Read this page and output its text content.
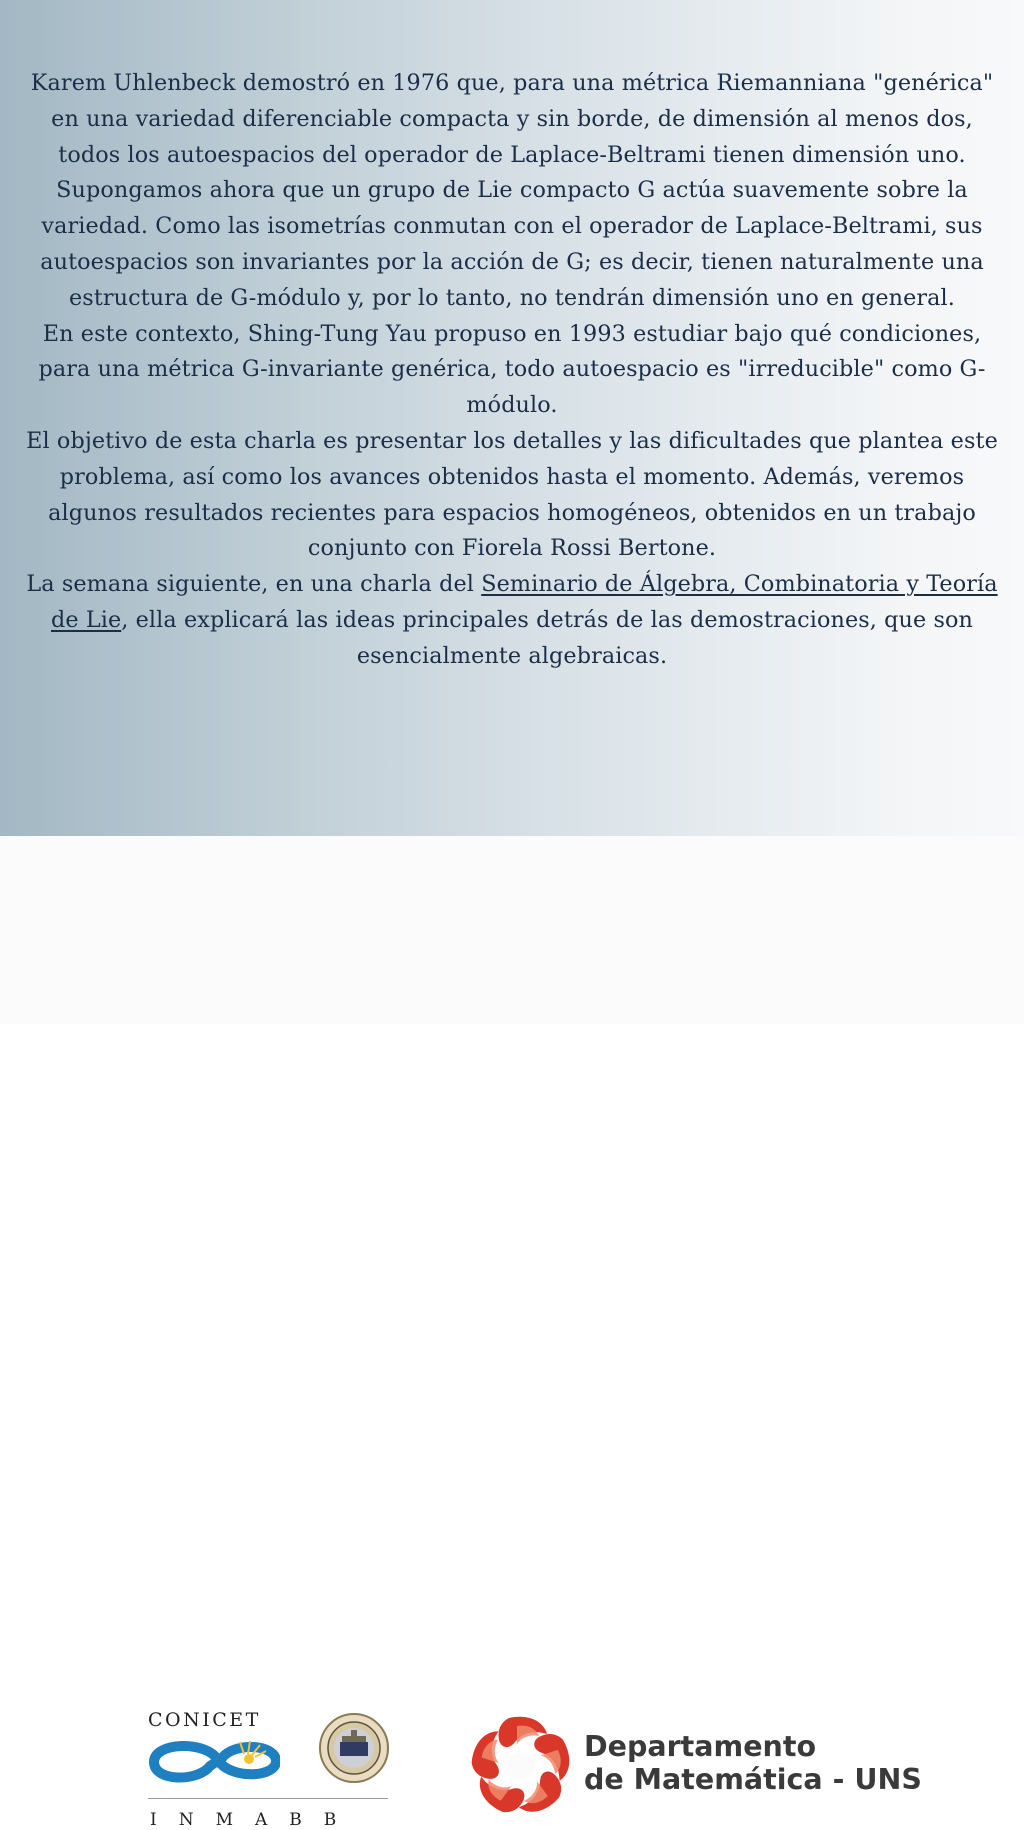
Karem Uhlenbeck demostró en 1976 que, para una métrica Riemanniana "genérica" en una variedad diferenciable compacta y sin borde, de dimensión al menos dos, todos los autoespacios del operador de Laplace-Beltrami tienen dimensión uno.

Supongamos ahora que un grupo de Lie compacto G actúa suavemente sobre la variedad. Como las isometrías conmutan con el operador de Laplace-Beltrami, sus autoespacios son invariantes por la acción de G; es decir, tienen naturalmente una estructura de G-módulo y, por lo tanto, no tendrán dimensión uno en general.

En este contexto, Shing-Tung Yau propuso en 1993 estudiar bajo qué condiciones, para una métrica G-invariante genérica, todo autoespacio es "irreducible" como G-módulo.

El objetivo de esta charla es presentar los detalles y las dificultades que plantea este problema, así como los avances obtenidos hasta el momento. Además, veremos algunos resultados recientes para espacios homogéneos, obtenidos en un trabajo conjunto con Fiorela Rossi Bertone.

La semana siguiente, en una charla del Seminario de Álgebra, Combinatoria y Teoría de Lie, ella explicará las ideas principales detrás de las demostraciones, que son esencialmente algebraicas.

CONICET
INMABB
Departamento
de Matemática - UNS
